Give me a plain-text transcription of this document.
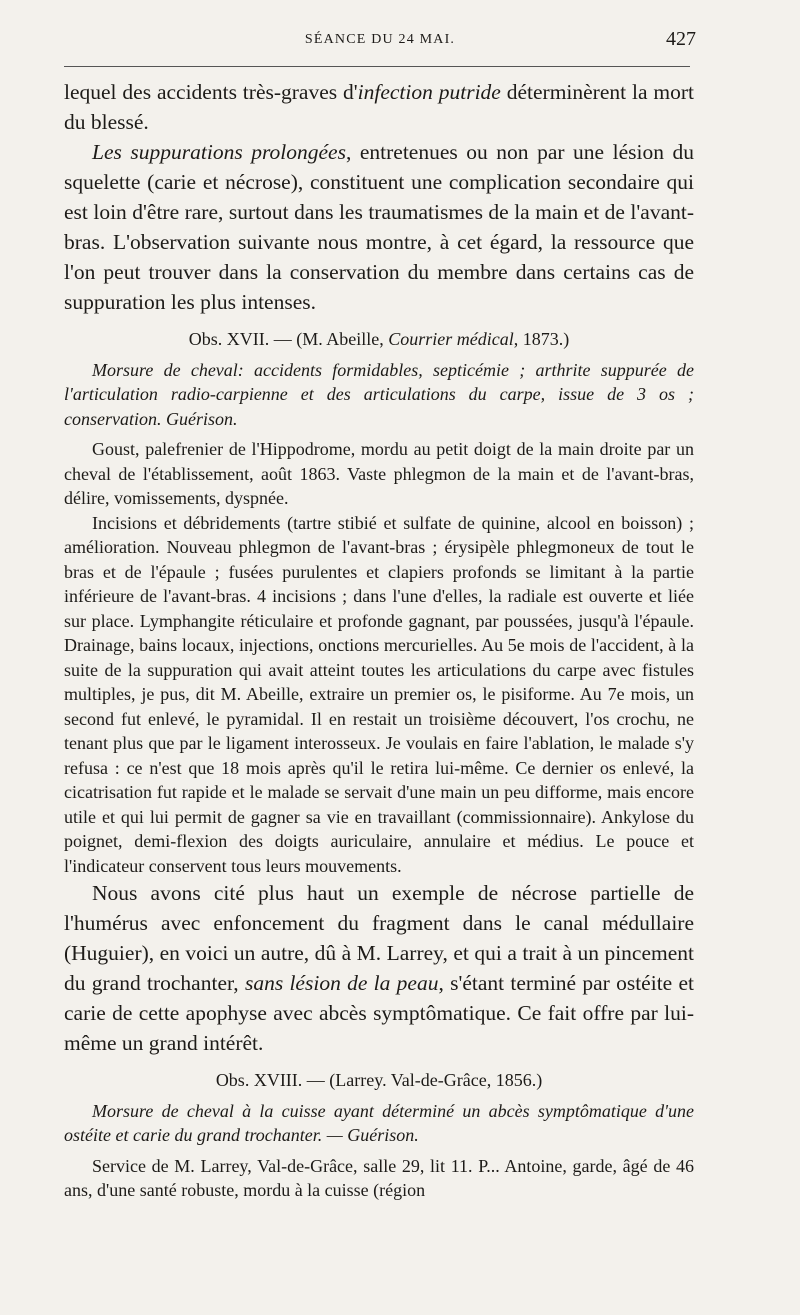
SÉANCE DU 24 MAI.	427

lequel des accidents très-graves d'infection putride déterminèrent la mort du blessé.

Les suppurations prolongées, entretenues ou non par une lésion du squelette (carie et nécrose), constituent une complication secondaire qui est loin d'être rare, surtout dans les traumatismes de la main et de l'avant-bras. L'observation suivante nous montre, à cet égard, la ressource que l'on peut trouver dans la conservation du membre dans certains cas de suppuration les plus intenses.

Obs. XVII. — (M. Abeille, Courrier médical, 1873.)

Morsure de cheval: accidents formidables, septicémie ; arthrite suppurée de l'articulation radio-carpienne et des articulations du carpe, issue de 3 os ; conservation. Guérison.

Goust, palefrenier de l'Hippodrome, mordu au petit doigt de la main droite par un cheval de l'établissement, août 1863. Vaste phlegmon de la main et de l'avant-bras, délire, vomissements, dyspnée.

Incisions et débridements (tartre stibié et sulfate de quinine, alcool en boisson) ; amélioration. Nouveau phlegmon de l'avant-bras ; érysipèle phlegmoneux de tout le bras et de l'épaule ; fusées purulentes et clapiers profonds se limitant à la partie inférieure de l'avant-bras. 4 incisions ; dans l'une d'elles, la radiale est ouverte et liée sur place. Lymphangite réticulaire et profonde gagnant, par poussées, jusqu'à l'épaule. Drainage, bains locaux, injections, onctions mercurielles. Au 5e mois de l'accident, à la suite de la suppuration qui avait atteint toutes les articulations du carpe avec fistules multiples, je pus, dit M. Abeille, extraire un premier os, le pisiforme. Au 7e mois, un second fut enlevé, le pyramidal. Il en restait un troisième découvert, l'os crochu, ne tenant plus que par le ligament interosseux. Je voulais en faire l'ablation, le malade s'y refusa : ce n'est que 18 mois après qu'il le retira lui-même. Ce dernier os enlevé, la cicatrisation fut rapide et le malade se servait d'une main un peu difforme, mais encore utile et qui lui permit de gagner sa vie en travaillant (commissionnaire). Ankylose du poignet, demi-flexion des doigts auriculaire, annulaire et médius. Le pouce et l'indicateur conservent tous leurs mouvements.

Nous avons cité plus haut un exemple de nécrose partielle de l'humérus avec enfoncement du fragment dans le canal médullaire (Huguier), en voici un autre, dû à M. Larrey, et qui a trait à un pincement du grand trochanter, sans lésion de la peau, s'étant terminé par ostéite et carie de cette apophyse avec abcès symptômatique. Ce fait offre par lui-même un grand intérêt.

Obs. XVIII. — (Larrey. Val-de-Grâce, 1856.)

Morsure de cheval à la cuisse ayant déterminé un abcès symptômatique d'une ostéite et carie du grand trochanter. — Guérison.

Service de M. Larrey, Val-de-Grâce, salle 29, lit 11. P... Antoine, garde, âgé de 46 ans, d'une santé robuste, mordu à la cuisse (région
